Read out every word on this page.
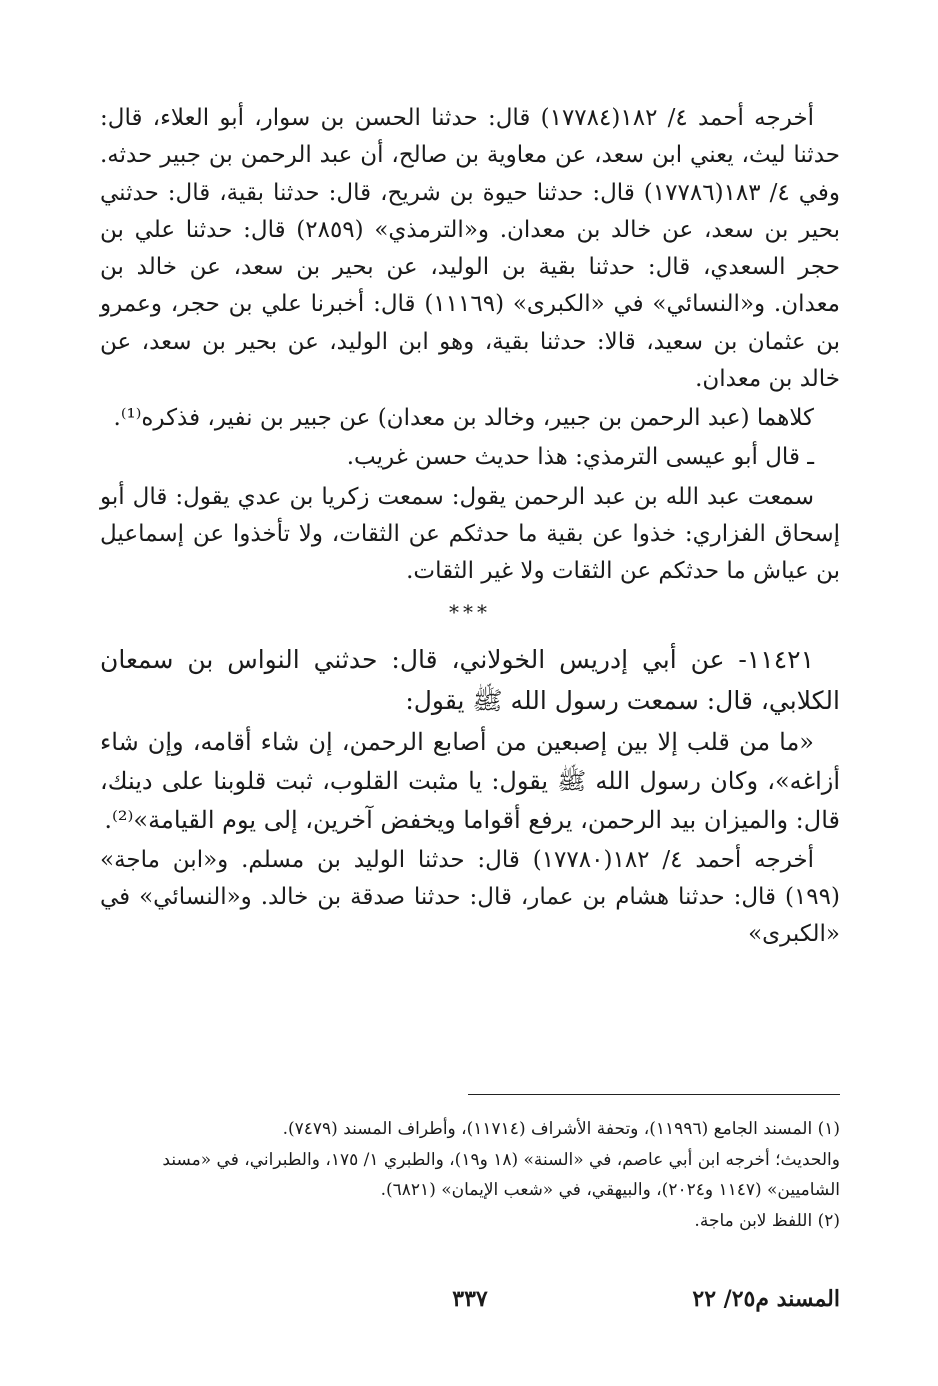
أخرجه أحمد ٤/ ١٨٢(١٧٧٨٤) قال: حدثنا الحسن بن سوار، أبو العلاء، قال: حدثنا ليث، يعني ابن سعد، عن معاوية بن صالح، أن عبد الرحمن بن جبير حدثه. وفي ٤/ ١٨٣(١٧٧٨٦) قال: حدثنا حيوة بن شريح، قال: حدثنا بقية، قال: حدثني بحير بن سعد، عن خالد بن معدان. و«الترمذي» (٢٨٥٩) قال: حدثنا علي بن حجر السعدي، قال: حدثنا بقية بن الوليد، عن بحير بن سعد، عن خالد بن معدان. و«النسائي» في «الكبرى» (١١١٦٩) قال: أخبرنا علي بن حجر، وعمرو بن عثمان بن سعيد، قالا: حدثنا بقية، وهو ابن الوليد، عن بحير بن سعد، عن خالد بن معدان.

كلاهما (عبد الرحمن بن جبير، وخالد بن معدان) عن جبير بن نفير، فذكره⁽¹⁾.

ـ قال أبو عيسى الترمذي: هذا حديث حسن غريب.

سمعت عبد الله بن عبد الرحمن يقول: سمعت زكريا بن عدي يقول: قال أبو إسحاق الفزاري: خذوا عن بقية ما حدثكم عن الثقات، ولا تأخذوا عن إسماعيل بن عياش ما حدثكم عن الثقات ولا غير الثقات.

***

١١٤٢١- عن أبي إدريس الخولاني، قال: حدثني النواس بن سمعان الكلابي، قال: سمعت رسول الله ﷺ يقول:

«ما من قلب إلا بين إصبعين من أصابع الرحمن، إن شاء أقامه، وإن شاء أزاغه»، وكان رسول الله ﷺ يقول: يا مثبت القلوب، ثبت قلوبنا على دينك، قال: والميزان بيد الرحمن، يرفع أقواما ويخفض آخرين، إلى يوم القيامة»⁽²⁾.

أخرجه أحمد ٤/ ١٨٢(١٧٧٨٠) قال: حدثنا الوليد بن مسلم. و«ابن ماجة» (١٩٩) قال: حدثنا هشام بن عمار، قال: حدثنا صدقة بن خالد. و«النسائي» في «الكبرى»

(١) المسند الجامع (١١٩٩٦)، وتحفة الأشراف (١١٧١٤)، وأطراف المسند (٧٤٧٩).

والحديث؛ أخرجه ابن أبي عاصم، في «السنة» (١٨ و١٩)، والطبري ١/ ١٧٥، والطبراني، في «مسند الشاميين» (١١٤٧ و٢٠٢٤)، والبيهقي، في «شعب الإيمان» (٦٨٢١).

(٢) اللفظ لابن ماجة.

المسند م٢٥/ ٢٢
٣٣٧
